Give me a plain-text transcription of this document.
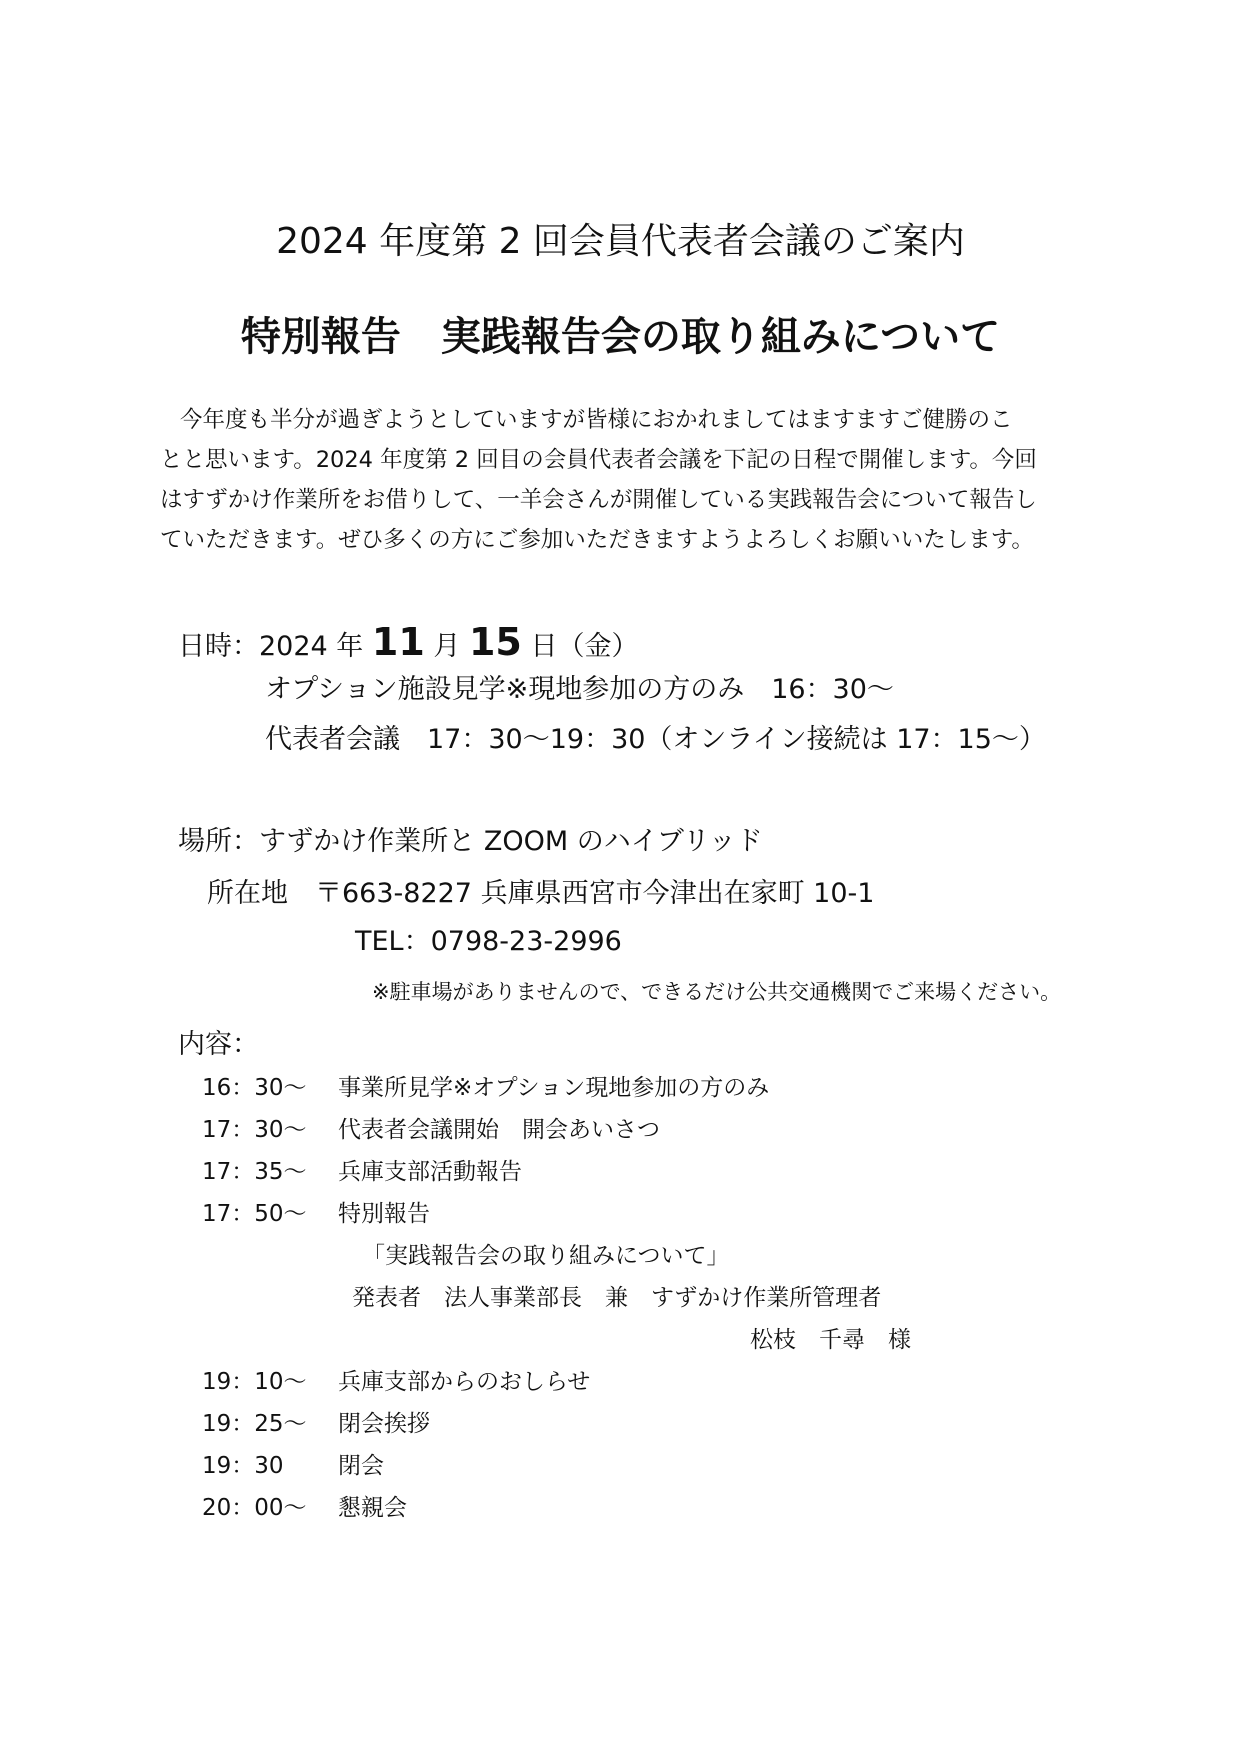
2024 年度第 2 回会員代表者会議のご案内
特別報告　実践報告会の取り組みについて

今年度も半分が過ぎようとしていますが皆様におかれましてはますますご健勝のこ

とと思います。2024 年度第 2 回目の会員代表者会議を下記の日程で開催します。今回

はすずかけ作業所をお借りして、一羊会さんが開催している実践報告会について報告し

ていただきます。ぜひ多くの方にご参加いただきますようよろしくお願いいたします。

日時：2024 年 11 月 15 日（金）
オプション施設見学※現地参加の方のみ　16：30～
代表者会議　17：30～19：30（オンライン接続は 17：15～）
場所：すずかけ作業所と ZOOM のハイブリッド
所在地　〒663-8227 兵庫県西宮市今津出在家町 10-1
TEL：0798-23-2996
※駐車場がありませんので、できるだけ公共交通機関でご来場ください。
内容：
16：30～ 事業所見学※オプション現地参加の方のみ
17：30～ 代表者会議開始　開会あいさつ
17：35～ 兵庫支部活動報告
17：50～ 特別報告
「実践報告会の取り組みについて」
発表者　法人事業部長　兼　すずかけ作業所管理者
松枝　千尋　様
19：10～ 兵庫支部からのおしらせ
19：25～ 閉会挨拶
19：30 閉会
20：00～ 懇親会
